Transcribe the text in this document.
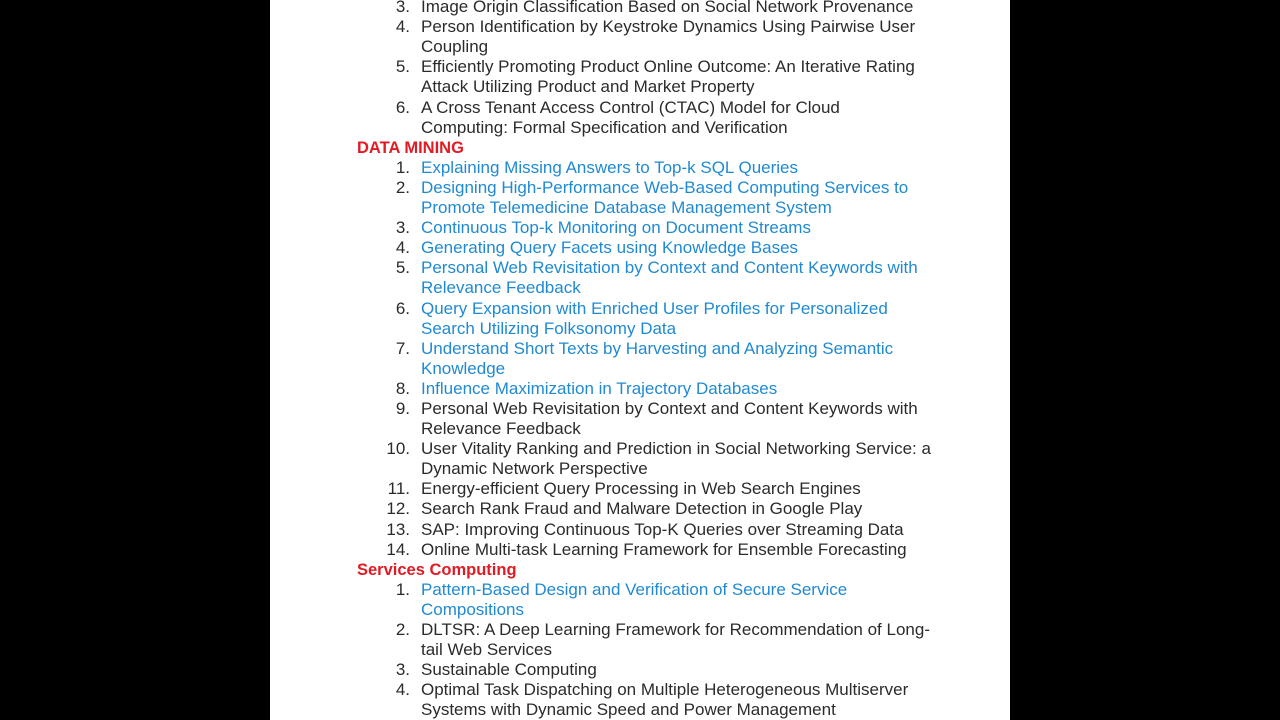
3. Image Origin Classification Based on Social Network Provenance
4. Person Identification by Keystroke Dynamics Using Pairwise User Coupling
5. Efficiently Promoting Product Online Outcome: An Iterative Rating Attack Utilizing Product and Market Property
6. A Cross Tenant Access Control (CTAC) Model for Cloud Computing: Formal Specification and Verification
DATA MINING
1. Explaining Missing Answers to Top-k SQL Queries
2. Designing High-Performance Web-Based Computing Services to Promote Telemedicine Database Management System
3. Continuous Top-k Monitoring on Document Streams
4. Generating Query Facets using Knowledge Bases
5. Personal Web Revisitation by Context and Content Keywords with Relevance Feedback
6. Query Expansion with Enriched User Profiles for Personalized Search Utilizing Folksonomy Data
7. Understand Short Texts by Harvesting and Analyzing Semantic Knowledge
8. Influence Maximization in Trajectory Databases
9. Personal Web Revisitation by Context and Content Keywords with Relevance Feedback
10. User Vitality Ranking and Prediction in Social Networking Service: a Dynamic Network Perspective
11. Energy-efficient Query Processing in Web Search Engines
12. Search Rank Fraud and Malware Detection in Google Play
13. SAP: Improving Continuous Top-K Queries over Streaming Data
14. Online Multi-task Learning Framework for Ensemble Forecasting
Services Computing
1. Pattern-Based Design and Verification of Secure Service Compositions
2. DLTSR: A Deep Learning Framework for Recommendation of Long-tail Web Services
3. Sustainable Computing
4. Optimal Task Dispatching on Multiple Heterogeneous Multiserver Systems with Dynamic Speed and Power Management
